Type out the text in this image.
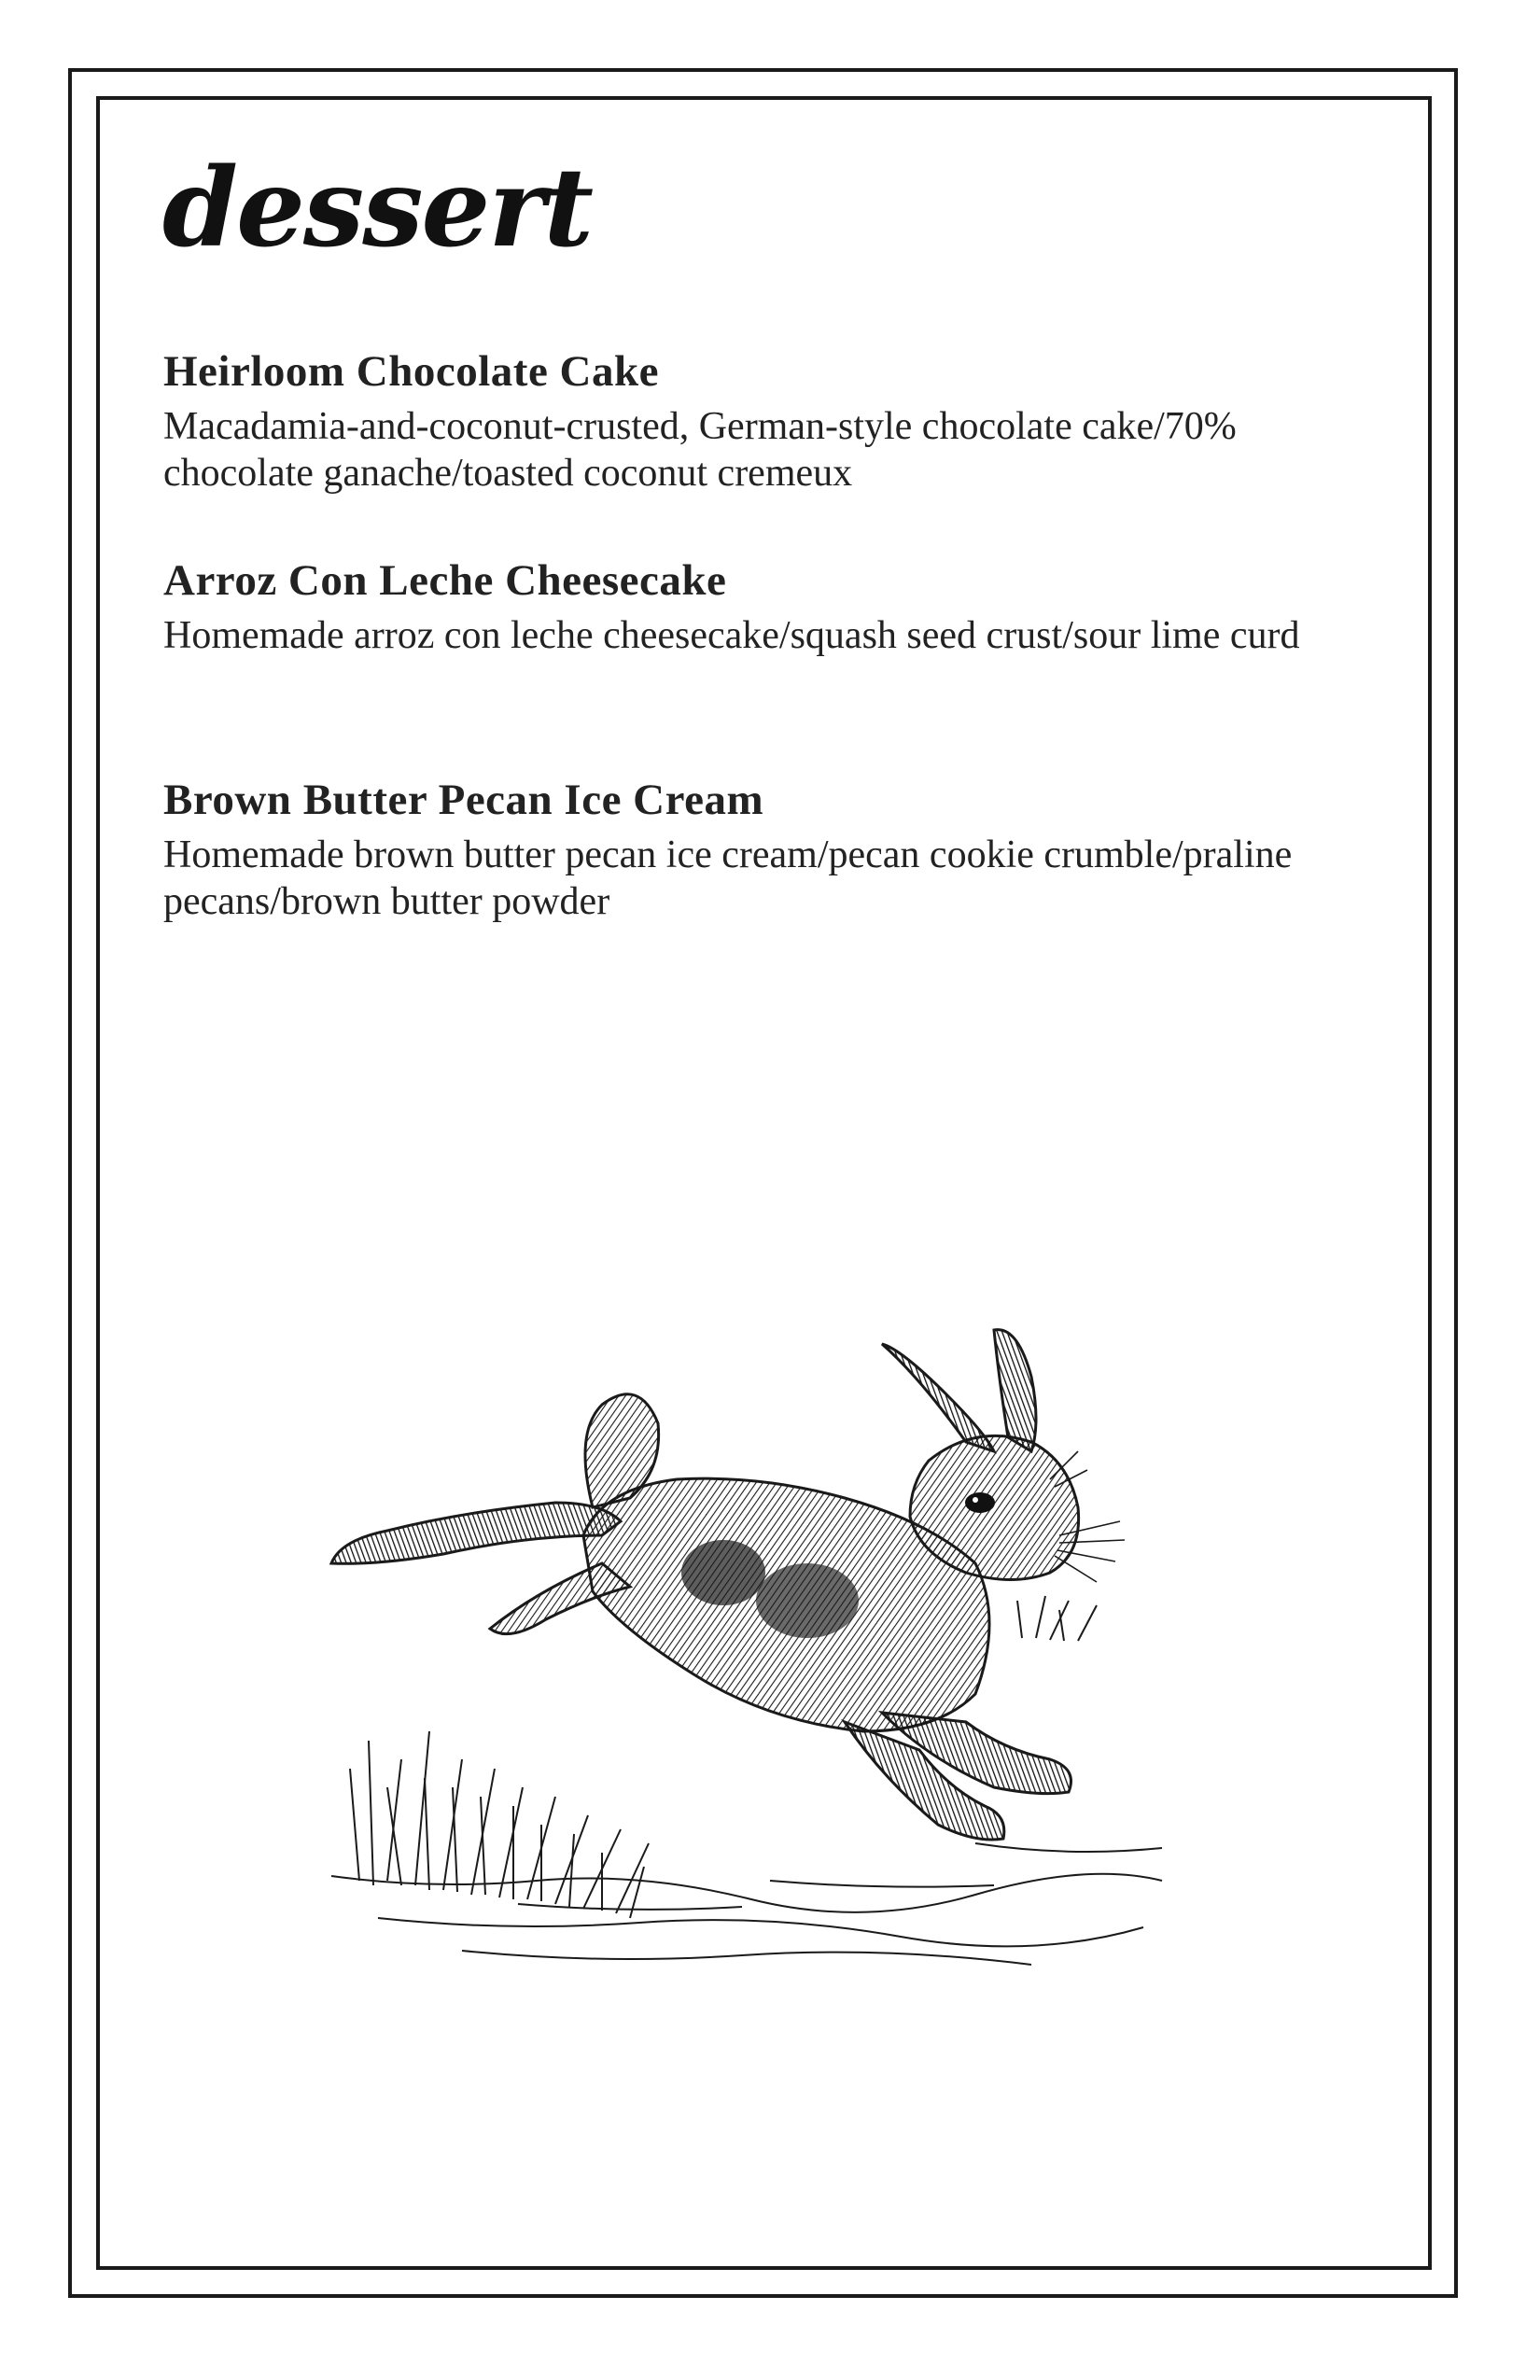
dessert
Heirloom Chocolate Cake
Macadamia-and-coconut-crusted, German-style chocolate cake/70% chocolate ganache/toasted coconut cremeux
Arroz Con Leche Cheesecake
Homemade arroz con leche cheesecake/squash seed crust/sour lime curd
Brown Butter Pecan Ice Cream
Homemade brown butter pecan ice cream/pecan cookie crumble/praline pecans/brown butter powder
